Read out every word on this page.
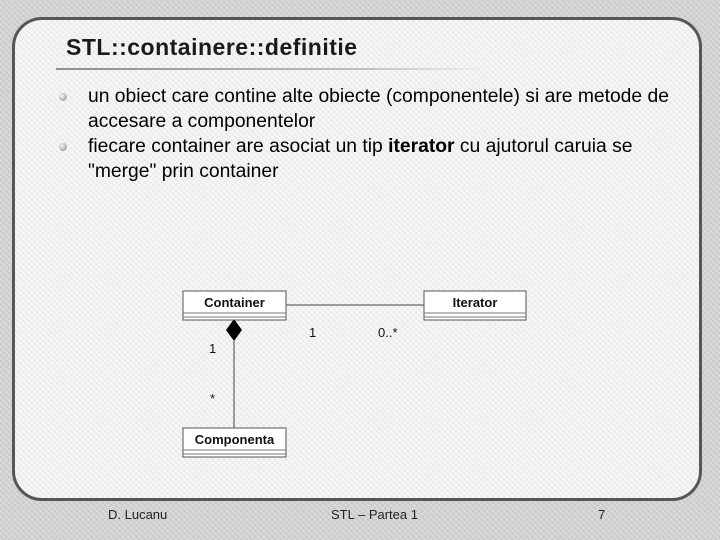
STL::containere::definitie
un obiect care contine alte obiecte (componentele) si are metode de accesare a componentelor
fiecare container are asociat un tip iterator cu ajutorul caruia se "merge" prin container
Container	Iterator
Componenta
1	0..*
1
*
D. Lucanu	STL – Partea 1	7
